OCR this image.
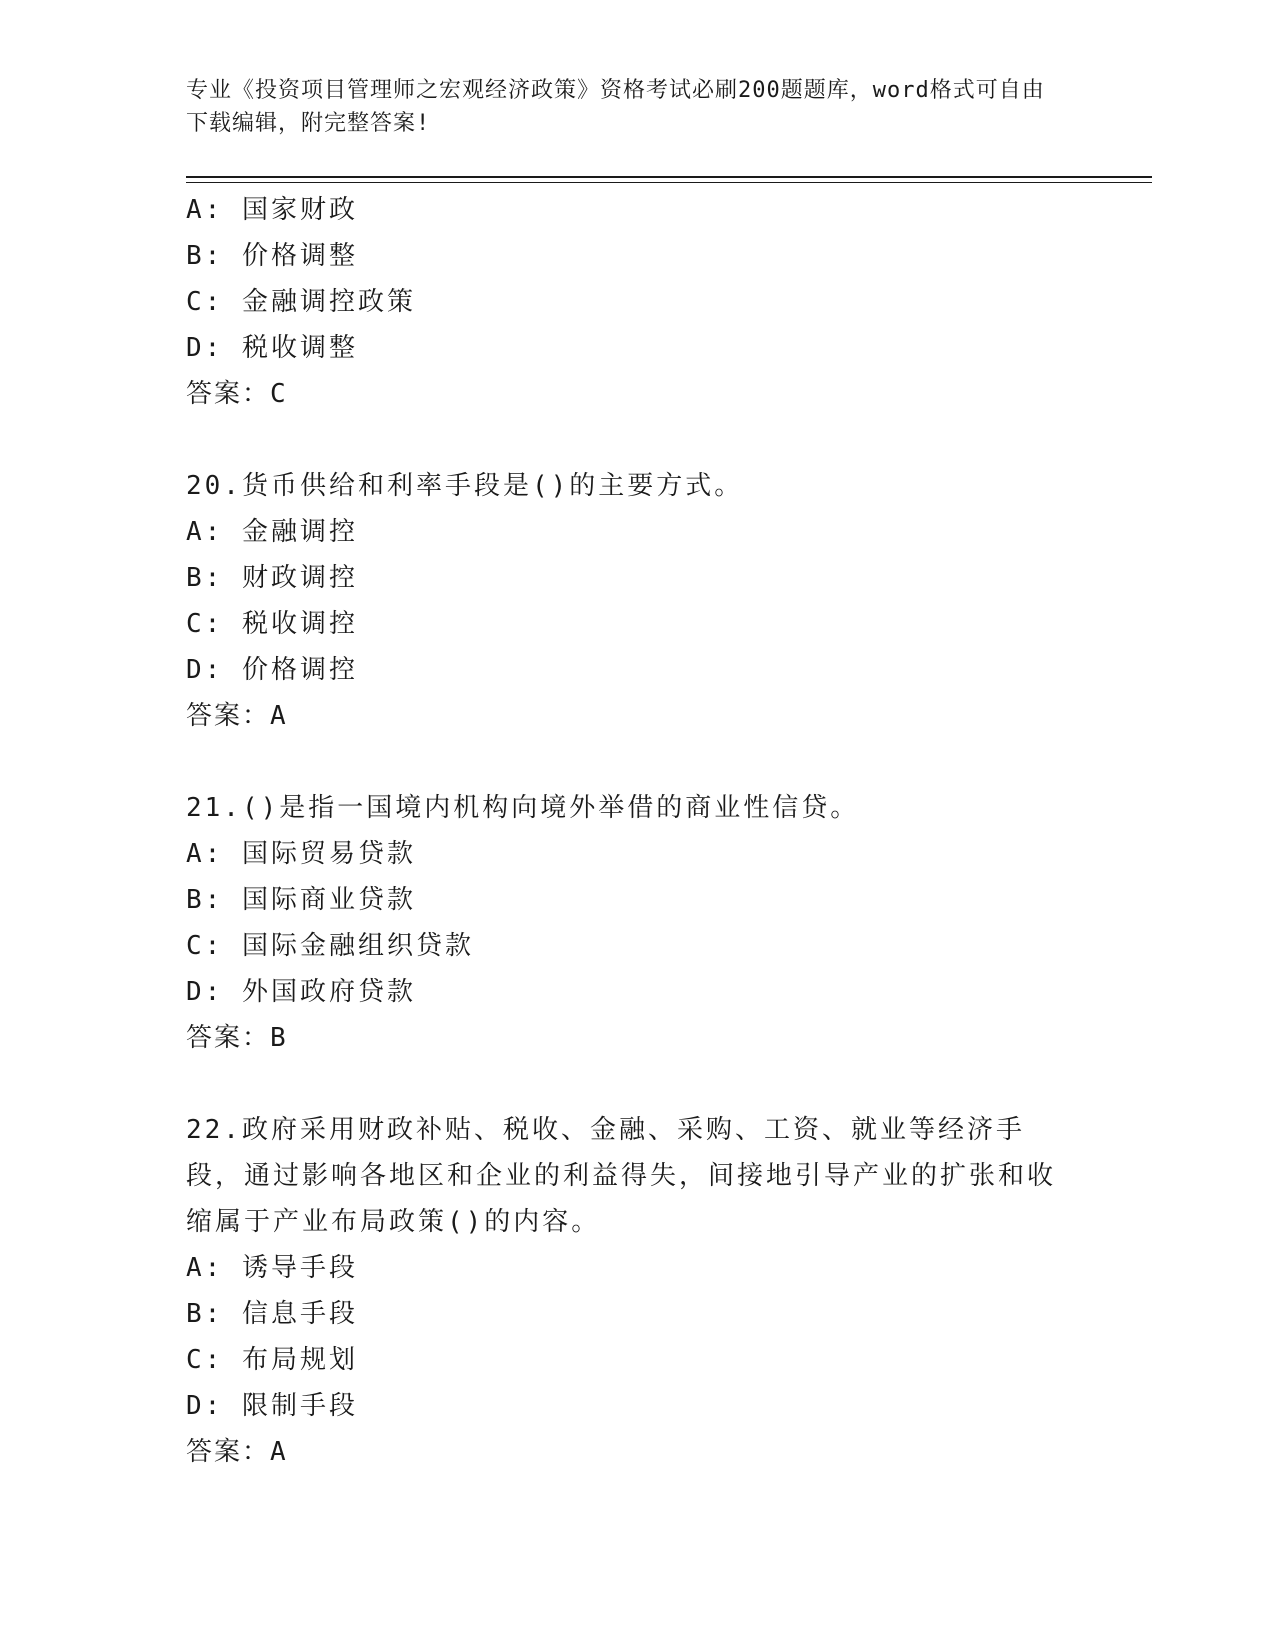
专业《投资项目管理师之宏观经济政策》资格考试必刷200题题库，word格式可自由下载编辑，附完整答案!
A: 国家财政
B: 价格调整
C: 金融调控政策
D: 税收调整
答案：C
20.货币供给和利率手段是()的主要方式。
A: 金融调控
B: 财政调控
C: 税收调控
D: 价格调控
答案：A
21.()是指一国境内机构向境外举借的商业性信贷。
A: 国际贸易贷款
B: 国际商业贷款
C: 国际金融组织贷款
D: 外国政府贷款
答案：B
22.政府采用财政补贴、税收、金融、采购、工资、就业等经济手段，通过影响各地区和企业的利益得失，间接地引导产业的扩张和收缩属于产业布局政策()的内容。
A: 诱导手段
B: 信息手段
C: 布局规划
D: 限制手段
答案：A
